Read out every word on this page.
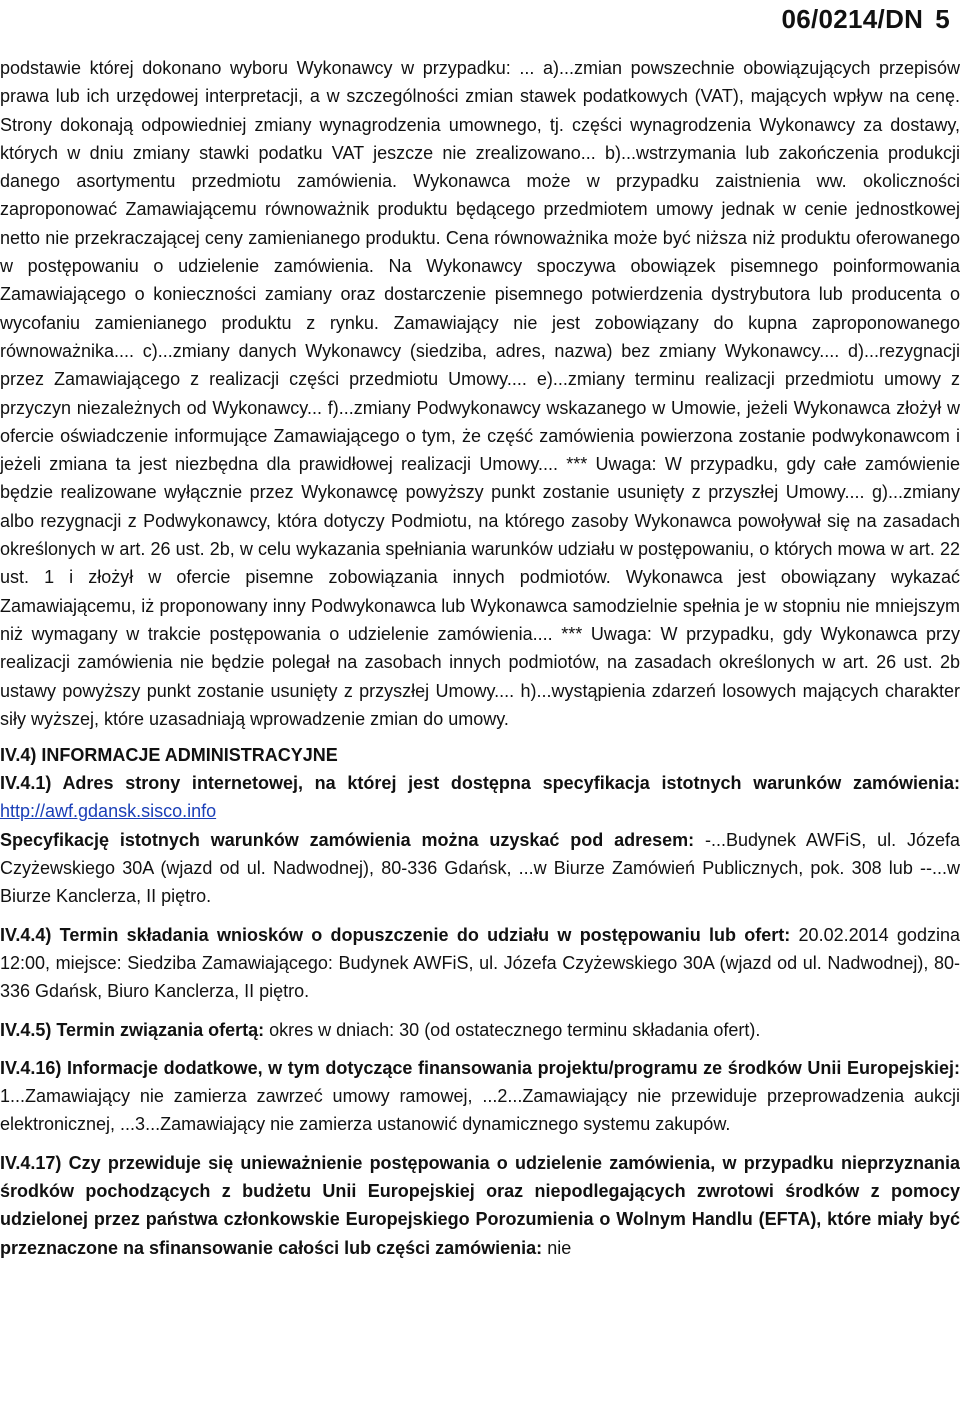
06/0214/DN 5

podstawie której dokonano wyboru Wykonawcy w przypadku: ... a)...zmian powszechnie obowiązujących przepisów prawa lub ich urzędowej interpretacji, a w szczególności zmian stawek podatkowych (VAT), mających wpływ na cenę. Strony dokonają odpowiedniej zmiany wynagrodzenia umownego, tj. części wynagrodzenia Wykonawcy za dostawy, których w dniu zmiany stawki podatku VAT jeszcze nie zrealizowano... b)...wstrzymania lub zakończenia produkcji danego asortymentu przedmiotu zamówienia. Wykonawca może w przypadku zaistnienia ww. okoliczności zaproponować Zamawiającemu równoważnik produktu będącego przedmiotem umowy jednak w cenie jednostkowej netto nie przekraczającej ceny zamienianego produktu. Cena równoważnika może być niższa niż produktu oferowanego w postępowaniu o udzielenie zamówienia. Na Wykonawcy spoczywa obowiązek pisemnego poinformowania Zamawiającego o konieczności zamiany oraz dostarczenie pisemnego potwierdzenia dystrybutora lub producenta o wycofaniu zamienianego produktu z rynku. Zamawiający nie jest zobowiązany do kupna zaproponowanego równoważnika.... c)...zmiany danych Wykonawcy (siedziba, adres, nazwa) bez zmiany Wykonawcy.... d)...rezygnacji przez Zamawiającego z realizacji części przedmiotu Umowy.... e)...zmiany terminu realizacji przedmiotu umowy z przyczyn niezależnych od Wykonawcy... f)...zmiany Podwykonawcy wskazanego w Umowie, jeżeli Wykonawca złożył w ofercie oświadczenie informujące Zamawiającego o tym, że część zamówienia powierzona zostanie podwykonawcom i jeżeli zmiana ta jest niezbędna dla prawidłowej realizacji Umowy.... *** Uwaga: W przypadku, gdy całe zamówienie będzie realizowane wyłącznie przez Wykonawcę powyższy punkt zostanie usunięty z przyszłej Umowy.... g)...zmiany albo rezygnacji z Podwykonawcy, która dotyczy Podmiotu, na którego zasoby Wykonawca powoływał się na zasadach określonych w art. 26 ust. 2b, w celu wykazania spełniania warunków udziału w postępowaniu, o których mowa w art. 22 ust. 1 i złożył w ofercie pisemne zobowiązania innych podmiotów. Wykonawca jest obowiązany wykazać Zamawiającemu, iż proponowany inny Podwykonawca lub Wykonawca samodzielnie spełnia je w stopniu nie mniejszym niż wymagany w trakcie postępowania o udzielenie zamówienia.... *** Uwaga: W przypadku, gdy Wykonawca przy realizacji zamówienia nie będzie polegał na zasobach innych podmiotów, na zasadach określonych w art. 26 ust. 2b ustawy powyższy punkt zostanie usunięty z przyszłej Umowy.... h)...wystąpienia zdarzeń losowych mających charakter siły wyższej, które uzasadniają wprowadzenie zmian do umowy.

IV.4) INFORMACJE ADMINISTRACYJNE

IV.4.1) Adres strony internetowej, na której jest dostępna specyfikacja istotnych warunków zamówienia: http://awf.gdansk.sisco.info

Specyfikację istotnych warunków zamówienia można uzyskać pod adresem: -...Budynek AWFiS, ul. Józefa Czyżewskiego 30A (wjazd od ul. Nadwodnej), 80-336 Gdańsk, ...w Biurze Zamówień Publicznych, pok. 308 lub --...w Biurze Kanclerza, II piętro.

IV.4.4) Termin składania wniosków o dopuszczenie do udziału w postępowaniu lub ofert: 20.02.2014 godzina 12:00, miejsce: Siedziba Zamawiającego: Budynek AWFiS, ul. Józefa Czyżewskiego 30A (wjazd od ul. Nadwodnej), 80-336 Gdańsk, Biuro Kanclerza, II piętro.

IV.4.5) Termin związania ofertą: okres w dniach: 30 (od ostatecznego terminu składania ofert).

IV.4.16) Informacje dodatkowe, w tym dotyczące finansowania projektu/programu ze środków Unii Europejskiej: 1...Zamawiający nie zamierza zawrzeć umowy ramowej, ...2...Zamawiający nie przewiduje przeprowadzenia aukcji elektronicznej, ...3...Zamawiający nie zamierza ustanowić dynamicznego systemu zakupów.

IV.4.17) Czy przewiduje się unieważnienie postępowania o udzielenie zamówienia, w przypadku nieprzyznania środków pochodzących z budżetu Unii Europejskiej oraz niepodlegających zwrotowi środków z pomocy udzielonej przez państwa członkowskie Europejskiego Porozumienia o Wolnym Handlu (EFTA), które miały być przeznaczone na sfinansowanie całości lub części zamówienia: nie
